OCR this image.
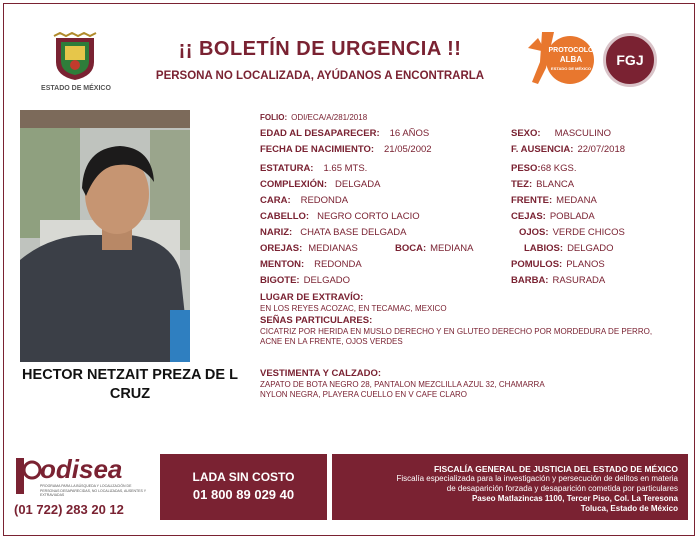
ESTADO DE MÉXICO
¡¡ BOLETÍN DE URGENCIA !!
PERSONA NO LOCALIZADA, AYÚDANOS A ENCONTRARLA
PROTOCOLO
ALBA
ESTADO DE MÉXICO
FGJ
HECTOR NETZAIT PREZA DE L CRUZ
FOLIO: ODI/ECA/A/281/2018
EDAD AL DESAPARECER: 16 AÑOS	SEXO: MASCULINO
FECHA DE NACIMIENTO: 21/05/2002	F. AUSENCIA: 22/07/2018
ESTATURA: 1.65 MTS.	PESO:68 KGS.
COMPLEXIÓN: DELGADA	TEZ: BLANCA
CARA: REDONDA	FRENTE: MEDANA
CABELLO: NEGRO CORTO LACIO	CEJAS: POBLADA
NARIZ: CHATA BASE DELGADA	OJOS: VERDE CHICOS
OREJAS: MEDIANAS	BOCA: MEDIANA	LABIOS: DELGADO
MENTON: REDONDA	POMULOS: PLANOS
BIGOTE: DELGADO	BARBA: RASURADA
LUGAR DE EXTRAVÍO:
EN LOS REYES ACOZAC, EN TECAMAC, MEXICO
SEÑAS PARTICULARES:
CICATRIZ POR HERIDA EN MUSLO DERECHO Y EN GLUTEO DERECHO POR MORDEDURA DE PERRO,
ACNE EN LA FRENTE, OJOS VERDES
VESTIMENTA Y CALZADO:
ZAPATO DE BOTA NEGRO 28, PANTALON MEZCLILLA AZUL 32, CHAMARRA
NYLON NEGRA, PLAYERA CUELLO EN V CAFE CLARO
odisea
PROGRAMA PARA LA BÚSQUEDA Y LOCALIZACIÓN DE PERSONAS DESAPARECIDAS, NO LOCALIZADAS, AUSENTES Y EXTRAVIADAS
(01 722) 283 20 12
LADA SIN COSTO
01 800 89 029 40
FISCALÍA GENERAL DE JUSTICIA DEL ESTADO DE MÉXICO
Fiscalía especializada para la investigación y persecución de delitos en materia
de desaparición forzada y desaparición cometida por particulares
Paseo Matlazincas 1100, Tercer Piso, Col. La Teresona
Toluca, Estado de México
